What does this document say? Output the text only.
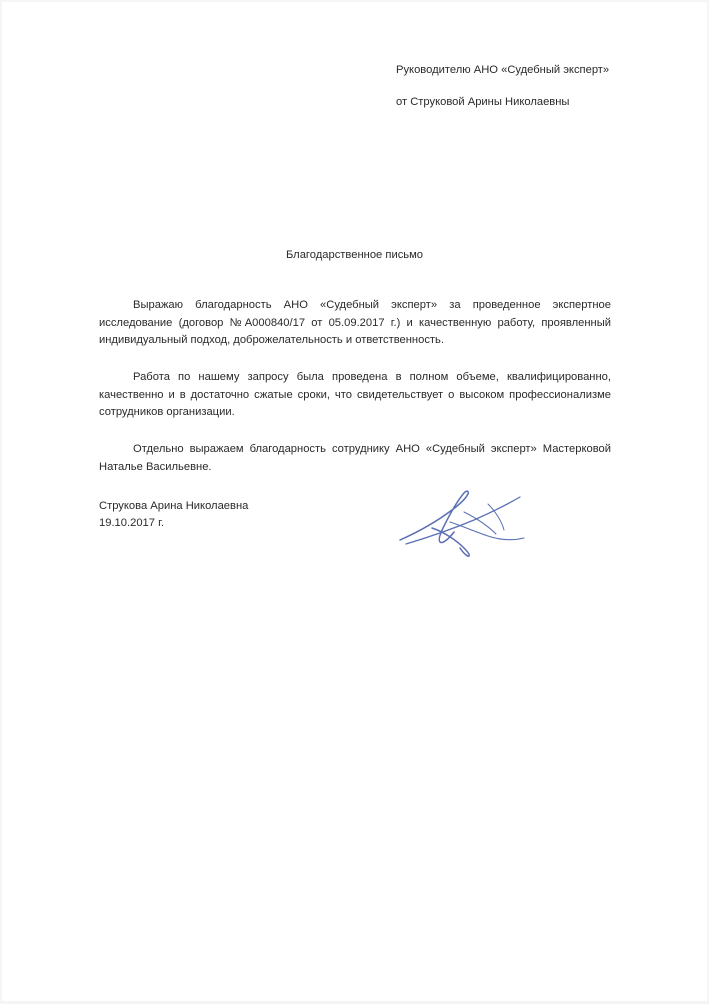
Руководителю АНО «Судебный эксперт»
от Струковой Арины Николаевны
Благодарственное письмо

Выражаю благодарность АНО «Судебный эксперт» за проведенное экспертное исследование (договор №А000840/17 от 05.09.2017 г.) и качественную работу, проявленный индивидуальный подход, доброжелательность и ответственность.

Работа по нашему запросу была проведена в полном объеме, квалифицированно, качественно и в достаточно сжатые сроки, что свидетельствует о высоком профессионализме сотрудников организации.

Отдельно выражаем благодарность сотруднику АНО «Судебный эксперт» Мастерковой Наталье Васильевне.

Струкова Арина Николаевна
19.10.2017 г.
